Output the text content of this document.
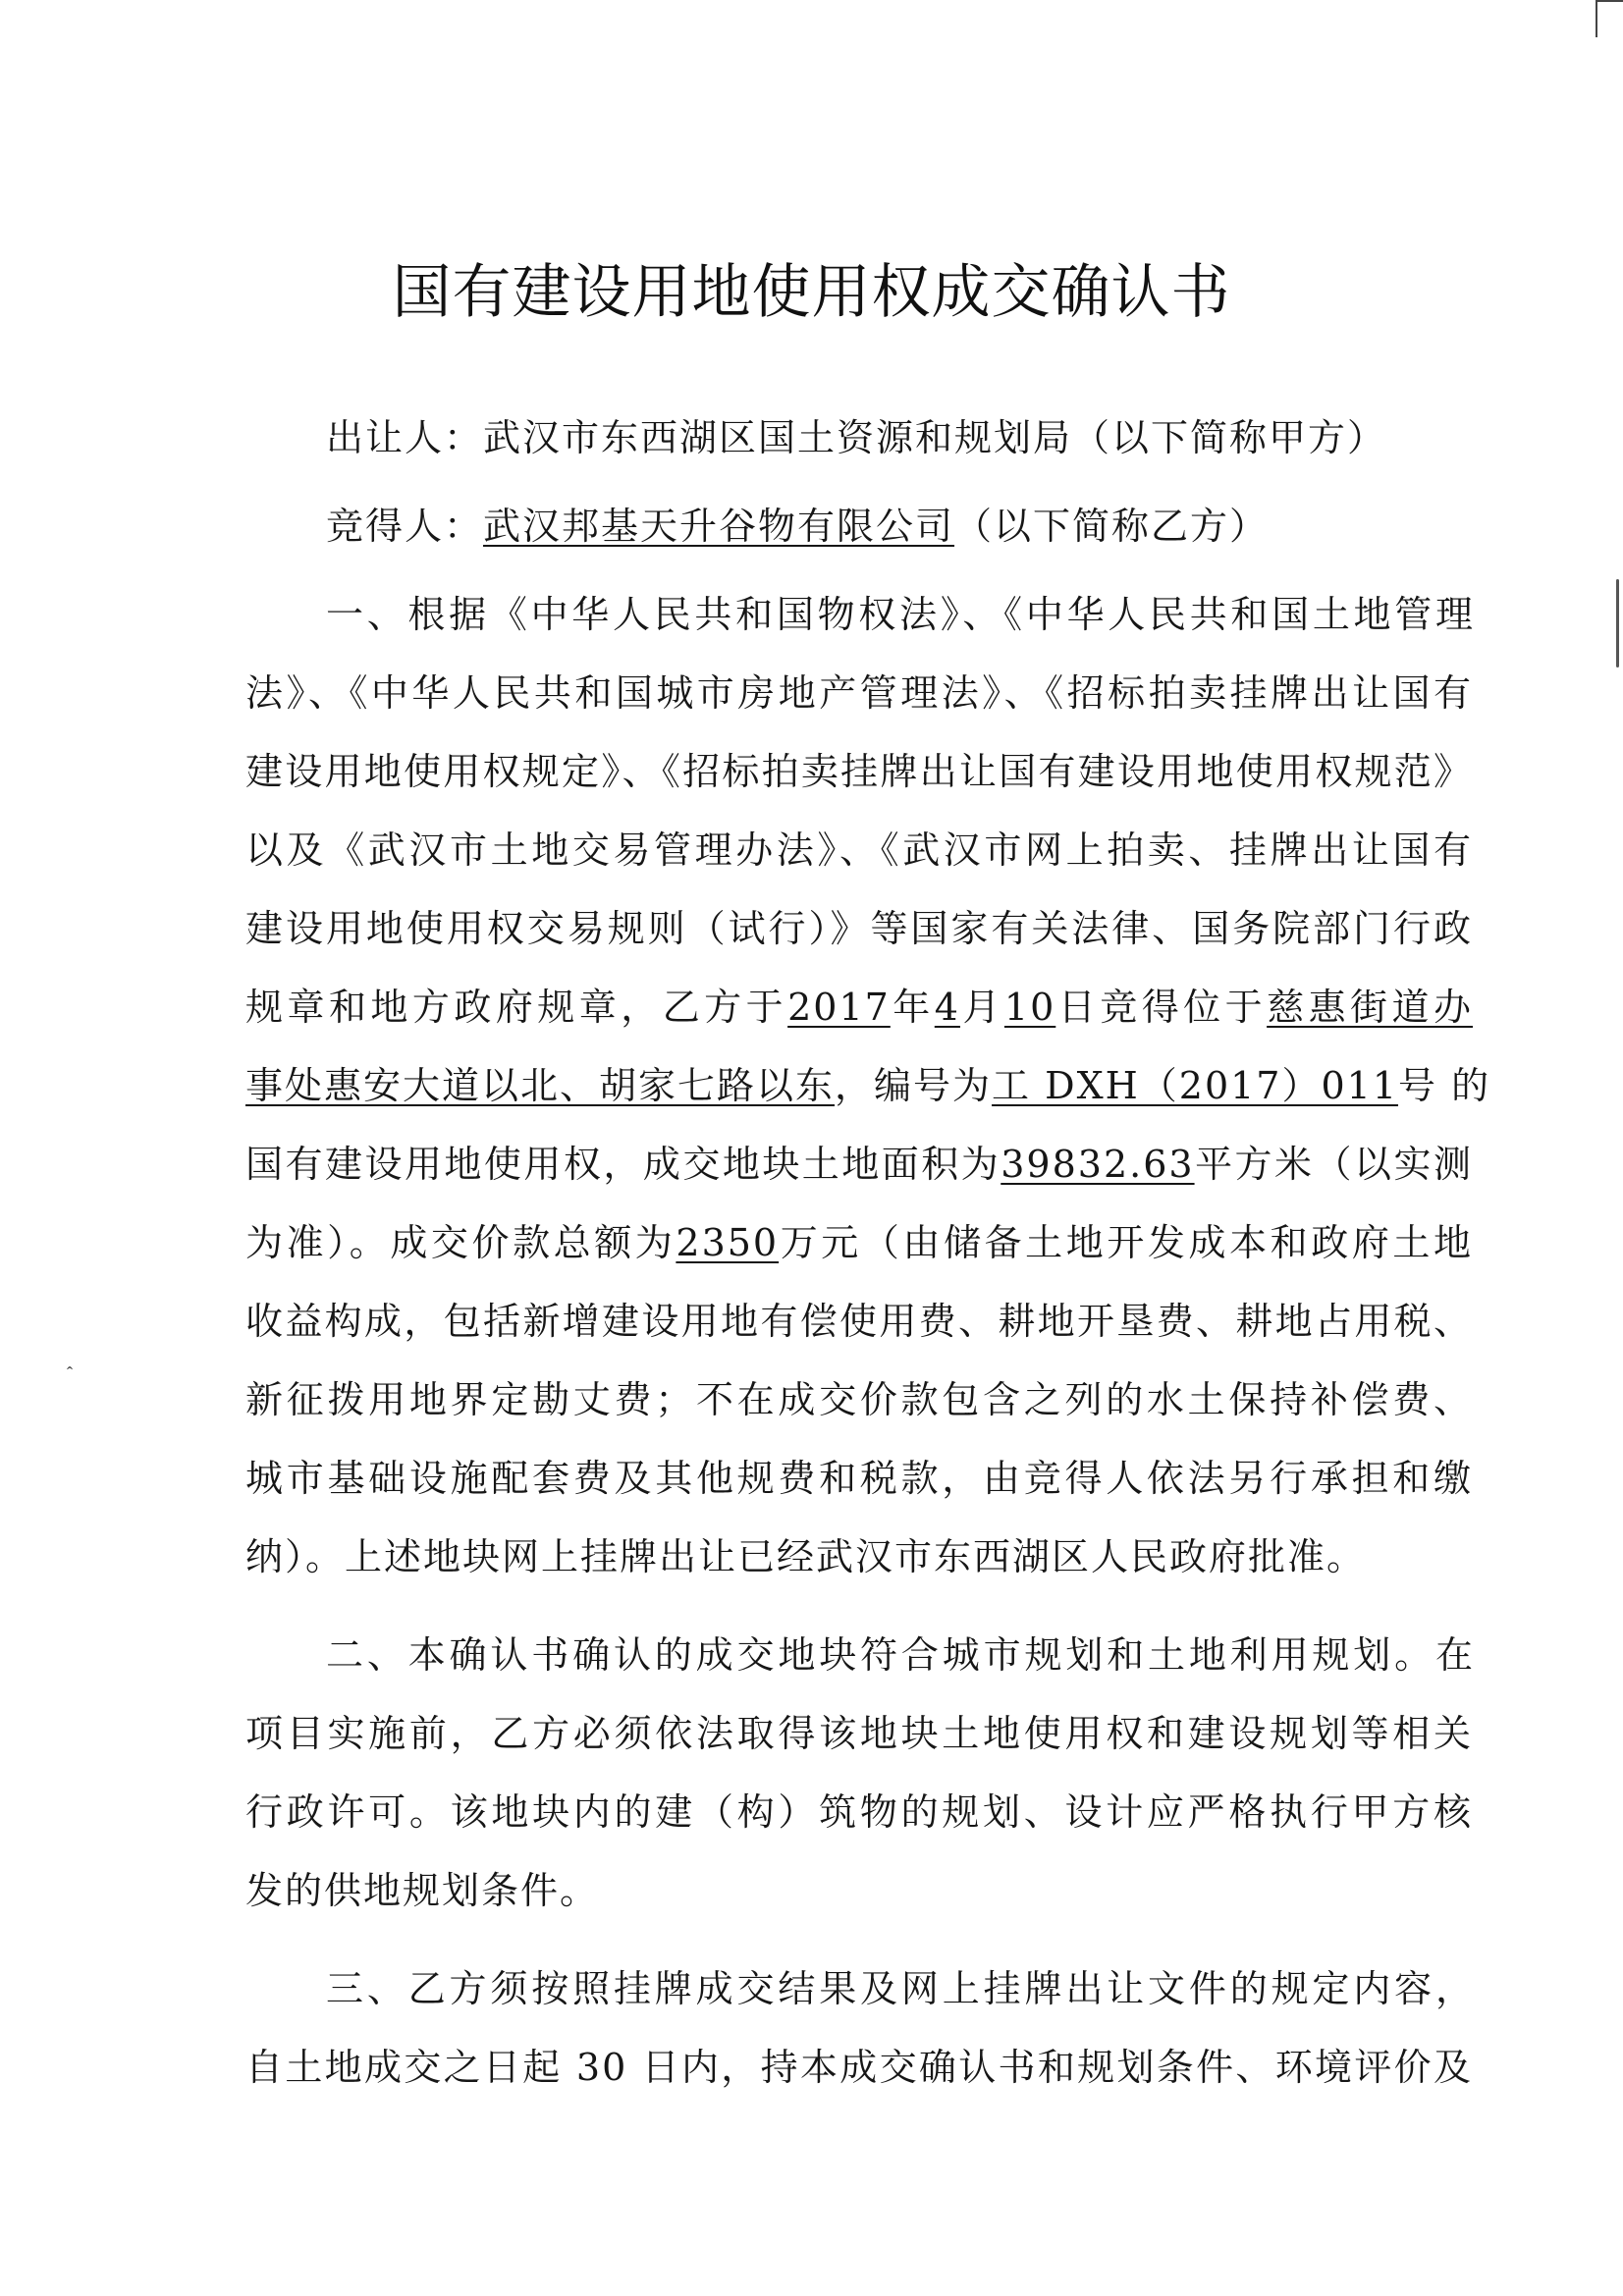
ꞈ
国有建设用地使用权成交确认书
出让人：武汉市东西湖区国土资源和规划局（以下简称甲方）
竞得人：武汉邦基天升谷物有限公司（以下简称乙方）
一、根据《中华人民共和国物权法》、《中华人民共和国土地管理
法》、《中华人民共和国城市房地产管理法》、《招标拍卖挂牌出让国有
建设用地使用权规定》、《招标拍卖挂牌出让国有建设用地使用权规范》
以及《武汉市土地交易管理办法》、《武汉市网上拍卖、挂牌出让国有
建设用地使用权交易规则（试行）》等国家有关法律、国务院部门行政
规章和地方政府规章，乙方于2017年4月10日竞得位于慈惠街道办
事处惠安大道以北、胡家七路以东，编号为工 DXH（2017）011号 的
国有建设用地使用权，成交地块土地面积为39832.63平方米（以实测
为准）。成交价款总额为2350万元（由储备土地开发成本和政府土地
收益构成，包括新增建设用地有偿使用费、耕地开垦费、耕地占用税、
新征拨用地界定勘丈费；不在成交价款包含之列的水土保持补偿费、
城市基础设施配套费及其他规费和税款，由竞得人依法另行承担和缴
纳）。上述地块网上挂牌出让已经武汉市东西湖区人民政府批准。
二、本确认书确认的成交地块符合城市规划和土地利用规划。在
项目实施前，乙方必须依法取得该地块土地使用权和建设规划等相关
行政许可。该地块内的建（构）筑物的规划、设计应严格执行甲方核
发的供地规划条件。
三、乙方须按照挂牌成交结果及网上挂牌出让文件的规定内容，
自土地成交之日起 30 日内，持本成交确认书和规划条件、环境评价及
